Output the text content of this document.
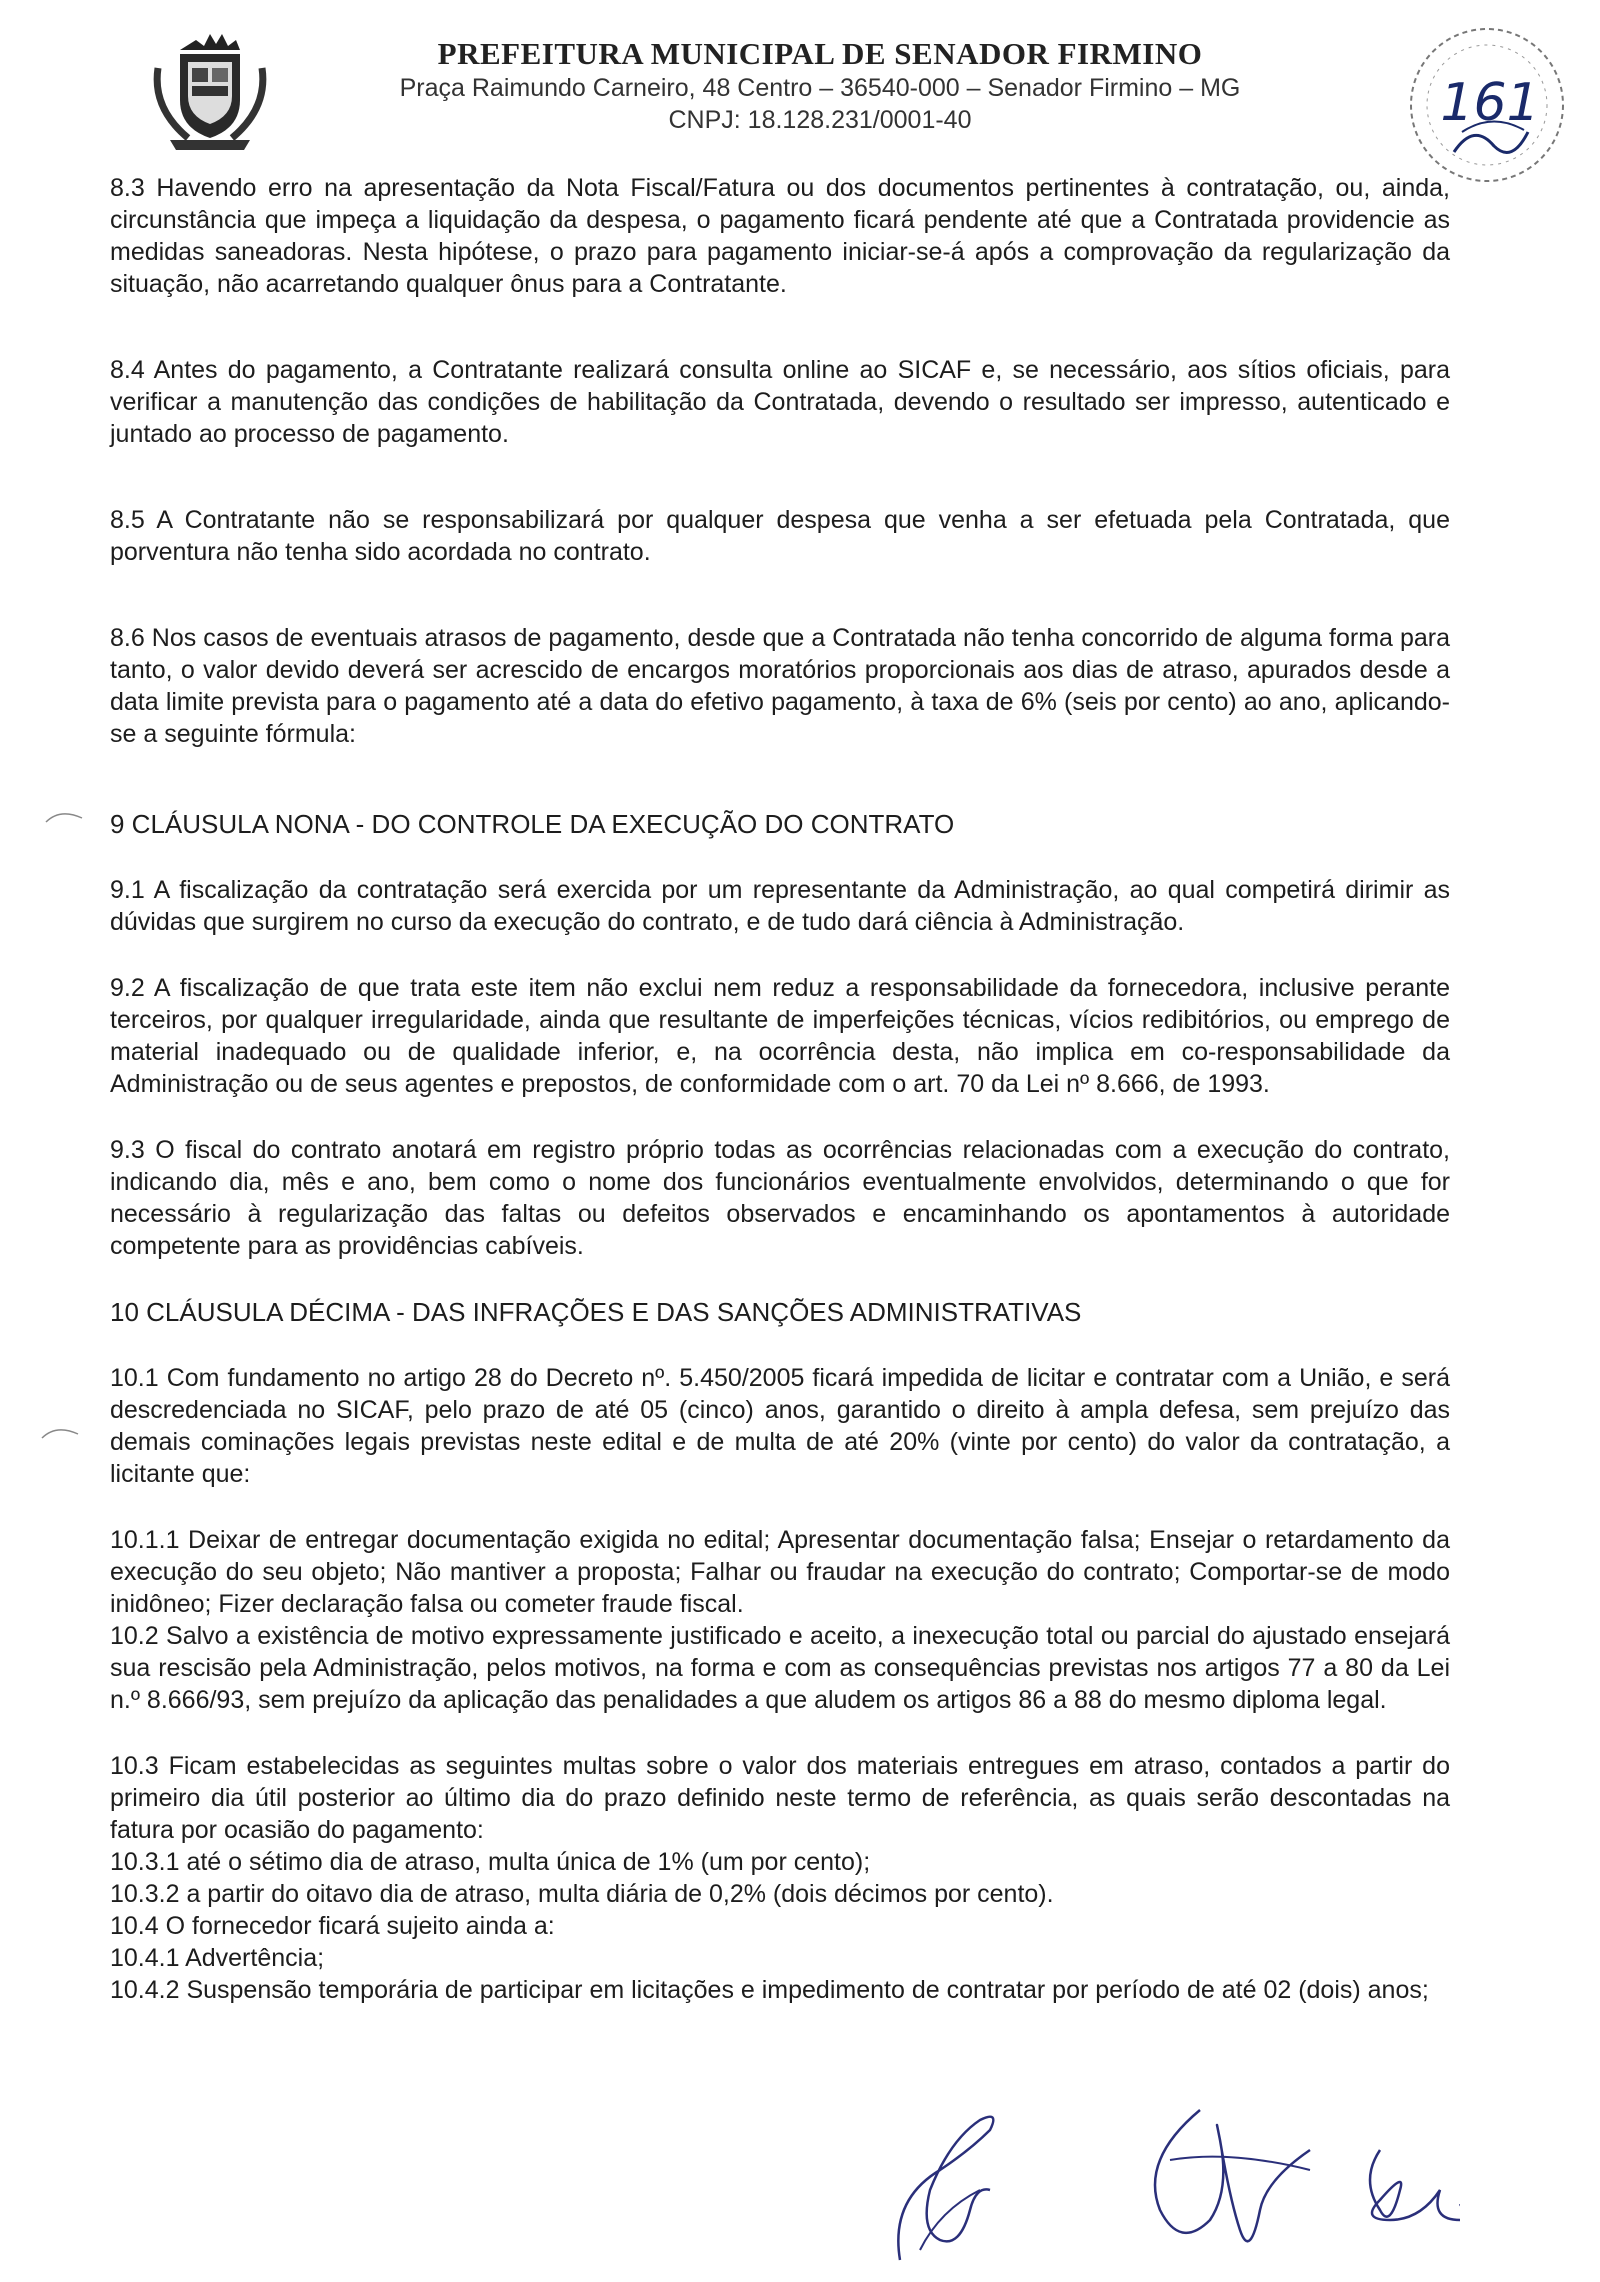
PREFEITURA MUNICIPAL DE SENADOR FIRMINO
Praça Raimundo Carneiro, 48 Centro – 36540-000 – Senador Firmino – MG
CNPJ: 18.128.231/0001-40	161

8.3 Havendo erro na apresentação da Nota Fiscal/Fatura ou dos documentos pertinentes à contratação, ou, ainda, circunstância que impeça a liquidação da despesa, o pagamento ficará pendente até que a Contratada providencie as medidas saneadoras. Nesta hipótese, o prazo para pagamento iniciar-se-á após a comprovação da regularização da situação, não acarretando qualquer ônus para a Contratante.

8.4 Antes do pagamento, a Contratante realizará consulta online ao SICAF e, se necessário, aos sítios oficiais, para verificar a manutenção das condições de habilitação da Contratada, devendo o resultado ser impresso, autenticado e juntado ao processo de pagamento.

8.5 A Contratante não se responsabilizará por qualquer despesa que venha a ser efetuada pela Contratada, que porventura não tenha sido acordada no contrato.

8.6 Nos casos de eventuais atrasos de pagamento, desde que a Contratada não tenha concorrido de alguma forma para tanto, o valor devido deverá ser acrescido de encargos moratórios proporcionais aos dias de atraso, apurados desde a data limite prevista para o pagamento até a data do efetivo pagamento, à taxa de 6% (seis por cento) ao ano, aplicando-se a seguinte fórmula:

9 CLÁUSULA NONA - DO CONTROLE DA EXECUÇÃO DO CONTRATO

9.1 A fiscalização da contratação será exercida por um representante da Administração, ao qual competirá dirimir as dúvidas que surgirem no curso da execução do contrato, e de tudo dará ciência à Administração.

9.2 A fiscalização de que trata este item não exclui nem reduz a responsabilidade da fornecedora, inclusive perante terceiros, por qualquer irregularidade, ainda que resultante de imperfeições técnicas, vícios redibitórios, ou emprego de material inadequado ou de qualidade inferior, e, na ocorrência desta, não implica em co-responsabilidade da Administração ou de seus agentes e prepostos, de conformidade com o art. 70 da Lei nº 8.666, de 1993.

9.3 O fiscal do contrato anotará em registro próprio todas as ocorrências relacionadas com a execução do contrato, indicando dia, mês e ano, bem como o nome dos funcionários eventualmente envolvidos, determinando o que for necessário à regularização das faltas ou defeitos observados e encaminhando os apontamentos à autoridade competente para as providências cabíveis.

10 CLÁUSULA DÉCIMA - DAS INFRAÇÕES E DAS SANÇÕES ADMINISTRATIVAS

10.1 Com fundamento no artigo 28 do Decreto nº. 5.450/2005 ficará impedida de licitar e contratar com a União, e será descredenciada no SICAF, pelo prazo de até 05 (cinco) anos, garantido o direito à ampla defesa, sem prejuízo das demais cominações legais previstas neste edital e de multa de até 20% (vinte por cento) do valor da contratação, a licitante que:

10.1.1 Deixar de entregar documentação exigida no edital; Apresentar documentação falsa; Ensejar o retardamento da execução do seu objeto; Não mantiver a proposta; Falhar ou fraudar na execução do contrato; Comportar-se de modo inidôneo; Fizer declaração falsa ou cometer fraude fiscal.

10.2 Salvo a existência de motivo expressamente justificado e aceito, a inexecução total ou parcial do ajustado ensejará sua rescisão pela Administração, pelos motivos, na forma e com as consequências previstas nos artigos 77 a 80 da Lei n.º 8.666/93, sem prejuízo da aplicação das penalidades a que aludem os artigos 86 a 88 do mesmo diploma legal.

10.3 Ficam estabelecidas as seguintes multas sobre o valor dos materiais entregues em atraso, contados a partir do primeiro dia útil posterior ao último dia do prazo definido neste termo de referência, as quais serão descontadas na fatura por ocasião do pagamento:

10.3.1 até o sétimo dia de atraso, multa única de 1% (um por cento);

10.3.2 a partir do oitavo dia de atraso, multa diária de 0,2% (dois décimos por cento).

10.4 O fornecedor ficará sujeito ainda a:

10.4.1 Advertência;

10.4.2 Suspensão temporária de participar em licitações e impedimento de contratar por período de até 02 (dois) anos;
